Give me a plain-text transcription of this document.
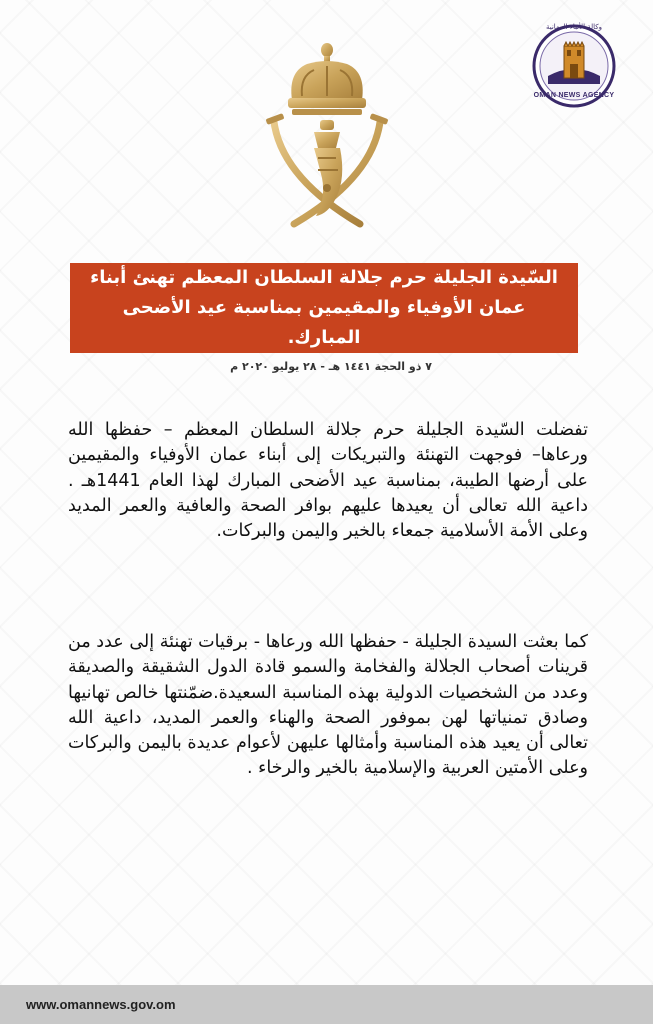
وكالة الأنباء العمانية
OMAN NEWS AGENCY
السّيدة الجليلة حرم جلالة السلطان المعظم تهنئ أبناء عمان الأوفياء والمقيمين بمناسبة عيد الأضحى المبارك.
٧ ذو الحجة ١٤٤١ هـ - ٢٨ يوليو ٢٠٢٠ م
تفضلت السّيدة الجليلة حرم جلالة السلطان المعظم – حفظها الله ورعاها– فوجهت التهنئة والتبريكات إلى أبناء عمان الأوفياء والمقيمين على أرضها الطيبة، بمناسبة عيد الأضحى المبارك لهذا العام 1441هـ . داعية الله تعالى أن يعيدها عليهم بوافر الصحة والعافية والعمر المديد وعلى الأمة الأسلامية جمعاء بالخير واليمن والبركات.
كما بعثت السيدة الجليلة - حفظها الله ورعاها - برقيات تهنئة إلى عدد من قرينات أصحاب الجلالة والفخامة والسمو قادة الدول الشقيقة والصديقة وعدد من الشخصيات الدولية بهذه المناسبة السعيدة.ضمّنتها خالص تهانيها وصادق تمنياتها لهن بموفور الصحة والهناء والعمر المديد، داعية الله تعالى أن يعيد هذه المناسبة وأمثالها عليهن لأعوام عديدة باليمن والبركات وعلى الأمتين العربية والإسلامية بالخير والرخاء .
www.omannews.gov.om
